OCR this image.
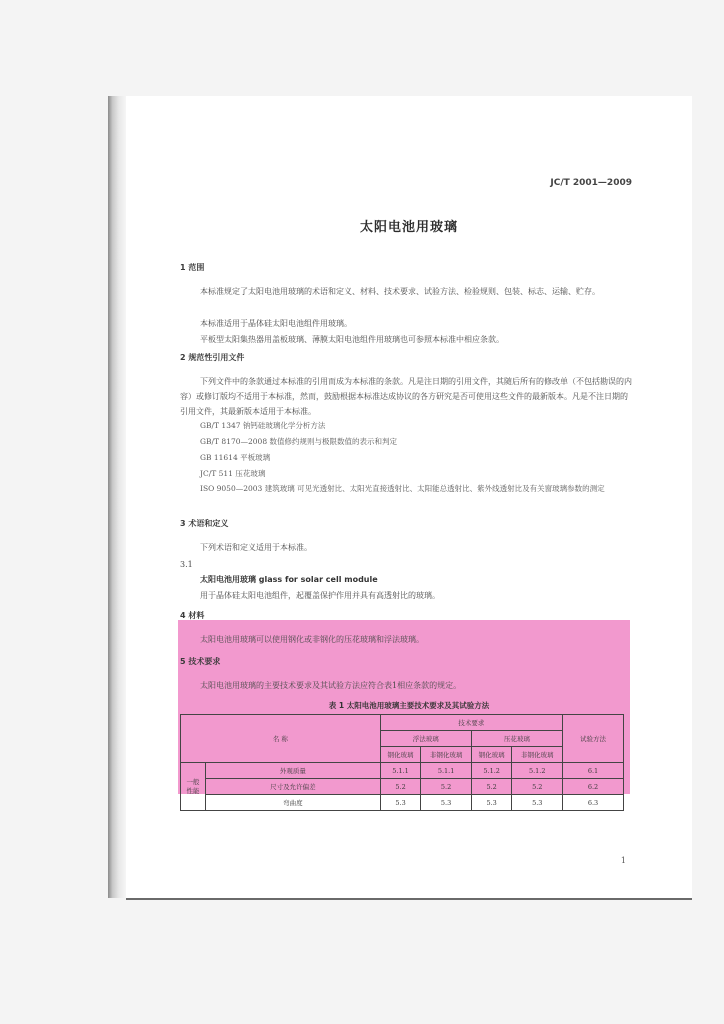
JC/T 2001—2009
太阳电池用玻璃
1 范围
本标准规定了太阳电池用玻璃的术语和定义、材料、技术要求、试验方法、检验规则、包装、标志、运输、贮存。
本标准适用于晶体硅太阳电池组件用玻璃。
平板型太阳集热器用盖板玻璃、薄膜太阳电池组件用玻璃也可参照本标准中相应条款。
2 规范性引用文件
下列文件中的条款通过本标准的引用而成为本标准的条款。凡是注日期的引用文件，其随后所有的修改单（不包括勘误的内容）或修订版均不适用于本标准，然而，鼓励根据本标准达成协议的各方研究是否可使用这些文件的最新版本。凡是不注日期的引用文件，其最新版本适用于本标准。
GB/T 1347 钠钙硅玻璃化学分析方法
GB/T 8170—2008 数值修约规则与极限数值的表示和判定
GB 11614 平板玻璃
JC/T 511 压花玻璃
ISO 9050—2003 建筑玻璃 可见光透射比、太阳光直接透射比、太阳能总透射比、紫外线透射比及有关窗玻璃参数的测定
3 术语和定义
下列术语和定义适用于本标准。
3.1
太阳电池用玻璃 glass for solar cell module
用于晶体硅太阳电池组件，起覆盖保护作用并具有高透射比的玻璃。
4 材料
太阳电池用玻璃可以使用钢化或非钢化的压花玻璃和浮法玻璃。
5 技术要求
太阳电池用玻璃的主要技术要求及其试验方法应符合表1相应条款的规定。
表 1 太阳电池用玻璃主要技术要求及其试验方法
名 称		技术要求				试验方法
		浮法玻璃		压花玻璃		
		钢化玻璃	非钢化玻璃	钢化玻璃	非钢化玻璃	
一般性能	外观质量	5.1.1	5.1.1	5.1.2	5.1.2	6.1
	尺寸及允许偏差	5.2	5.2	5.2	5.2	6.2
	弯曲度	5.3	5.3	5.3	5.3	6.3
1
